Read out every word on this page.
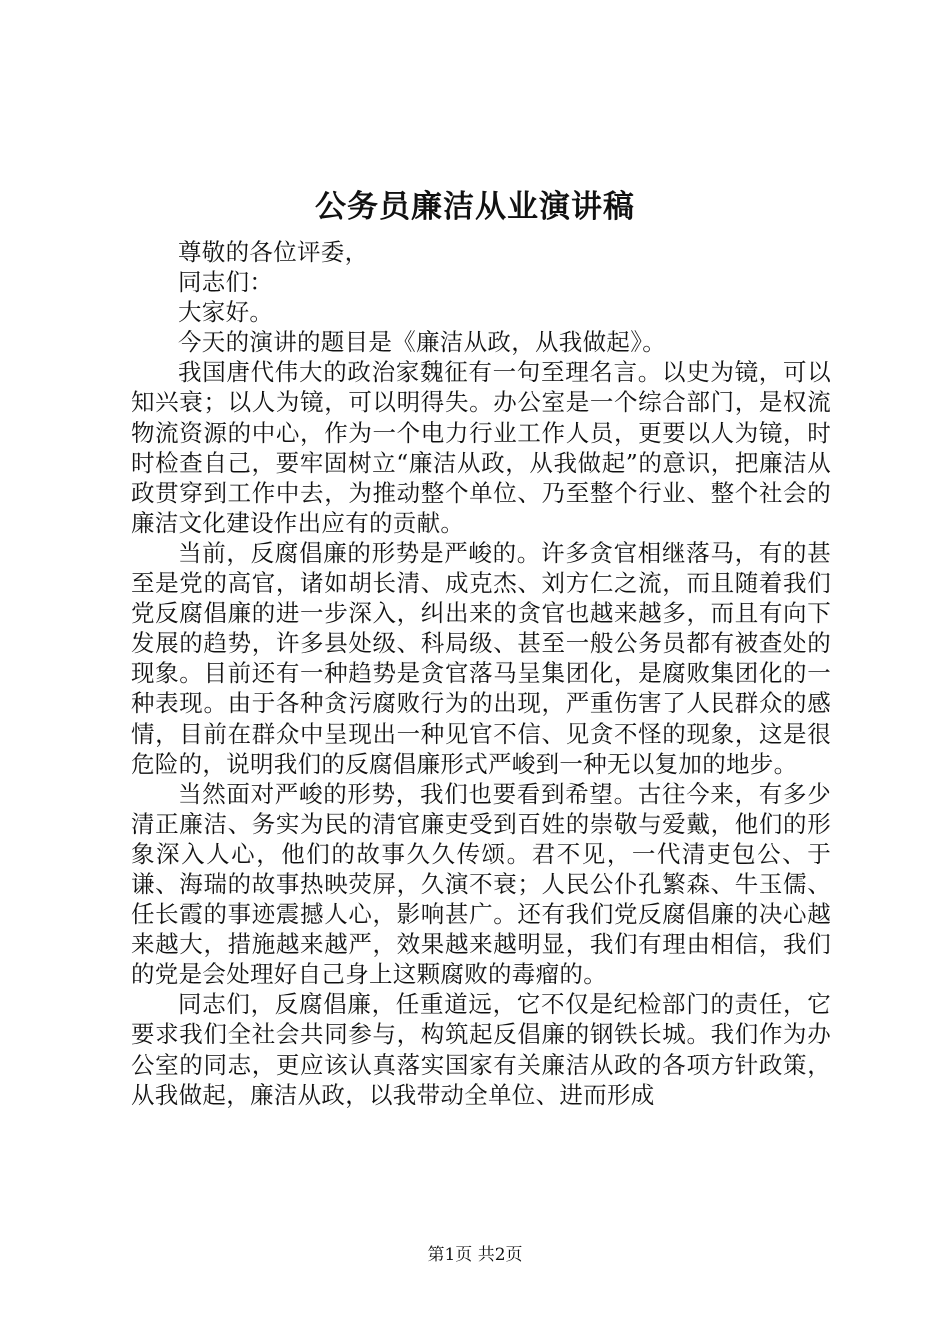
公务员廉洁从业演讲稿

尊敬的各位评委，

同志们：

大家好。

今天的演讲的题目是《廉洁从政，从我做起》。

我国唐代伟大的政治家魏征有一句至理名言。以史为镜，可以知兴衰；以人为镜，可以明得失。办公室是一个综合部门，是权流物流资源的中心，作为一个电力行业工作人员，更要以人为镜，时时检查自己，要牢固树立“廉洁从政，从我做起”的意识，把廉洁从政贯穿到工作中去，为推动整个单位、乃至整个行业、整个社会的廉洁文化建设作出应有的贡献。

当前，反腐倡廉的形势是严峻的。许多贪官相继落马，有的甚至是党的高官，诸如胡长清、成克杰、刘方仁之流，而且随着我们党反腐倡廉的进一步深入，纠出来的贪官也越来越多，而且有向下发展的趋势，许多县处级、科局级、甚至一般公务员都有被查处的现象。目前还有一种趋势是贪官落马呈集团化，是腐败集团化的一种表现。由于各种贪污腐败行为的出现，严重伤害了人民群众的感情，目前在群众中呈现出一种见官不信、见贪不怪的现象，这是很危险的，说明我们的反腐倡廉形式严峻到一种无以复加的地步。

当然面对严峻的形势，我们也要看到希望。古往今来，有多少清正廉洁、务实为民的清官廉吏受到百姓的崇敬与爱戴，他们的形象深入人心，他们的故事久久传颂。君不见，一代清吏包公、于谦、海瑞的故事热映荧屏，久演不衰；人民公仆孔繁森、牛玉儒、任长霞的事迹震撼人心，影响甚广。还有我们党反腐倡廉的决心越来越大，措施越来越严，效果越来越明显，我们有理由相信，我们的党是会处理好自己身上这颗腐败的毒瘤的。

同志们，反腐倡廉，任重道远，它不仅是纪检部门的责任，它要求我们全社会共同参与，构筑起反倡廉的钢铁长城。我们作为办公室的同志，更应该认真落实国家有关廉洁从政的各项方针政策，从我做起，廉洁从政，以我带动全单位、进而形成

第1页 共2页
